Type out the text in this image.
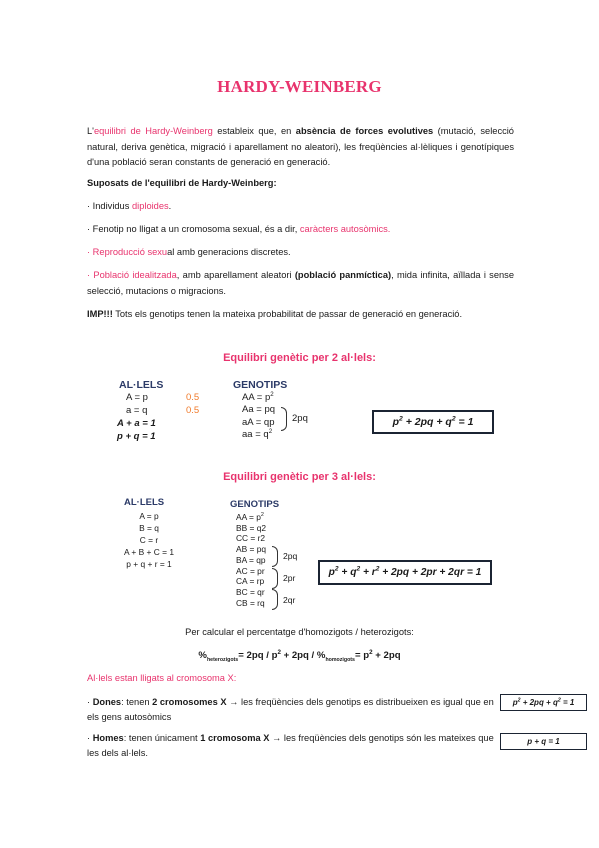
HARDY-WEINBERG
L'equilibri de Hardy-Weinberg estableix que, en absència de forces evolutives (mutació, selecció natural, deriva genètica, migració i aparellament no aleatori), les freqüències al·lèliques i genotípiques d'una població seran constants de generació en generació.
Suposats de l'equilibri de Hardy-Weinberg:
· Individus diploides.
· Fenotip no lligat a un cromosoma sexual, és a dir, caràcters autosòmics.
· Reproducció sexual amb generacions discretes.
· Població idealitzada, amb aparellament aleatori (població panmíctica), mida infinita, aïllada i sense selecció, mutacions o migracions.
IMP!!! Tots els genotips tenen la mateixa probabilitat de passar de generació en generació.
Equilibri genètic per 2 al·lels:
AL·LELS
A = p	0.5
a = q	0.5
A + a = 1
p + q = 1
GENOTIPS
AA = $p^2$
Aa = pq
aA = qp
aa = $q^2$
2pq	$p^2 + 2pq + q^2 = 1$
Equilibri genètic per 3 al·lels:
AL·LELS
A = p
B = q
C = r
A + B + C = 1
p + q + r = 1
GENOTIPS
AA = $p^2$
BB = q2
CC = r2
AB = pq
BA = qp
AC = pr
CA = rp
BC = qr
CB = rq
2pq
2pr
2qr
$p^2 + q^2 + r^2 + 2pq + 2pr + 2qr = 1$
Per calcular el percentatge d'homozigots / heterozigots:
$\%_{heterozigots}= 2pq / p^2 + 2pq / \%_{homozigots}= p^2 + 2pq$
Al·lels estan lligats al cromosoma X:
· Dones: tenen 2 cromosomes X → les freqüències dels genotips es distribueixen es igual que en els gens autosòmics
$p^2 + 2pq + q^2 = 1$
· Homes: tenen únicament 1 cromosoma X → les freqüències dels genotips són les mateixes que les dels al·lels.
p + q = 1
